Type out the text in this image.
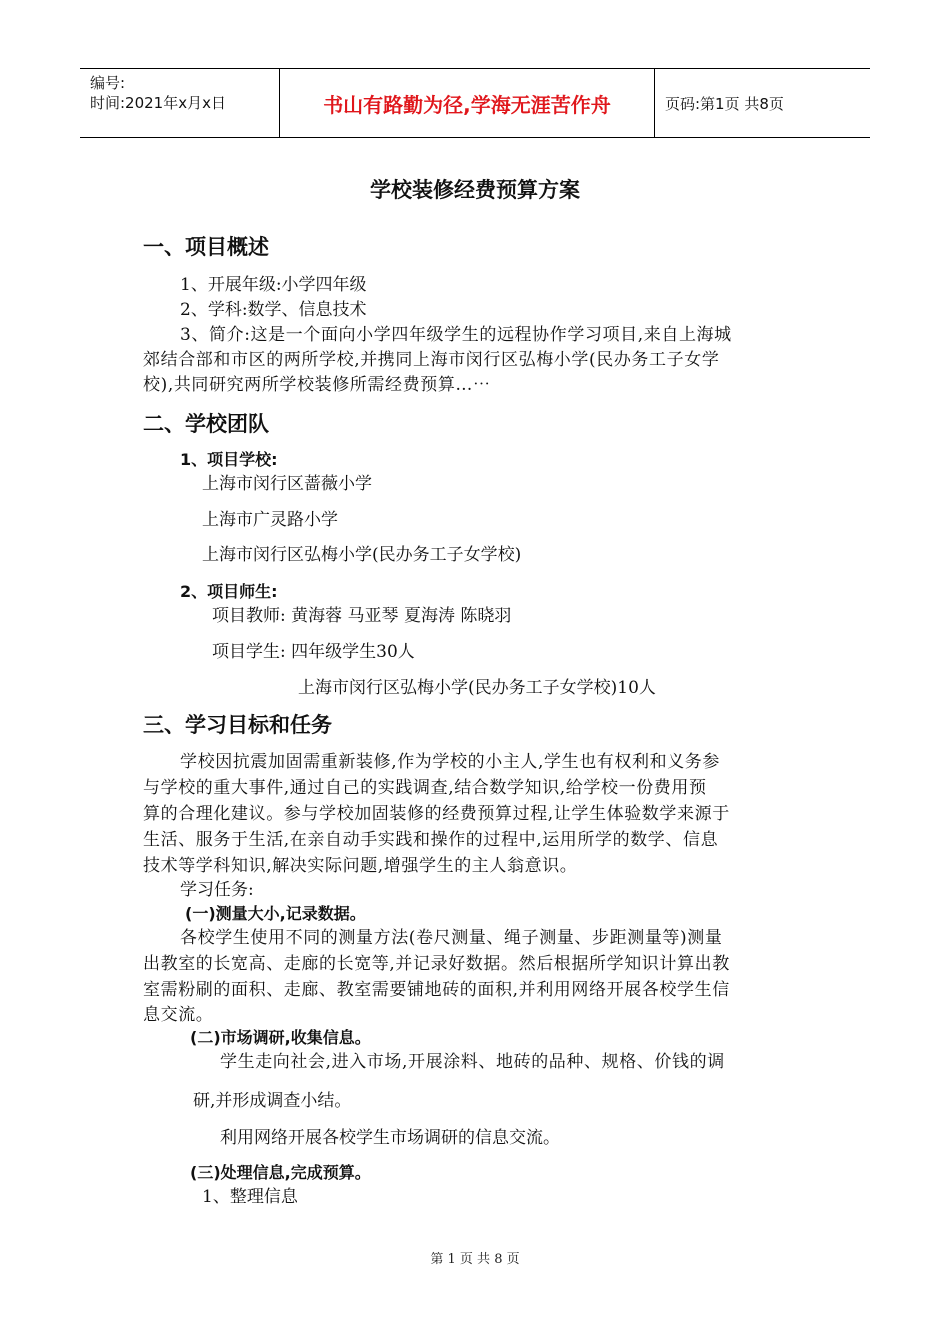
编号:
时间:2021年x月x日	书山有路勤为径,学海无涯苦作舟	页码:第1页 共8页
学校装修经费预算方案
一、项目概述
1、开展年级:小学四年级
2、学科:数学、信息技术
3、简介:这是一个面向小学四年级学生的远程协作学习项目,来自上海城
郊结合部和市区的两所学校,并携同上海市闵行区弘梅小学(民办务工子女学
校),共同研究两所学校装修所需经费预算…⋯
二、学校团队
1、项目学校:
上海市闵行区蔷薇小学
上海市广灵路小学
上海市闵行区弘梅小学(民办务工子女学校)
2、项目师生:
项目教师: 黄海蓉 马亚琴 夏海涛 陈晓羽
项目学生: 四年级学生30人
上海市闵行区弘梅小学(民办务工子女学校)10人
三、学习目标和任务
学校因抗震加固需重新装修,作为学校的小主人,学生也有权利和义务参
与学校的重大事件,通过自己的实践调查,结合数学知识,给学校一份费用预
算的合理化建议。参与学校加固装修的经费预算过程,让学生体验数学来源于
生活、服务于生活,在亲自动手实践和操作的过程中,运用所学的数学、信息
技术等学科知识,解决实际问题,增强学生的主人翁意识。
学习任务:
(一)测量大小,记录数据。
各校学生使用不同的测量方法(卷尺测量、绳子测量、步距测量等)测量
出教室的长宽高、走廊的长宽等,并记录好数据。然后根据所学知识计算出教
室需粉刷的面积、走廊、教室需要铺地砖的面积,并利用网络开展各校学生信
息交流。
(二)市场调研,收集信息。
学生走向社会,进入市场,开展涂料、地砖的品种、规格、价钱的调
研,并形成调查小结。
利用网络开展各校学生市场调研的信息交流。
(三)处理信息,完成预算。
1、整理信息
第 1 页 共 8 页
